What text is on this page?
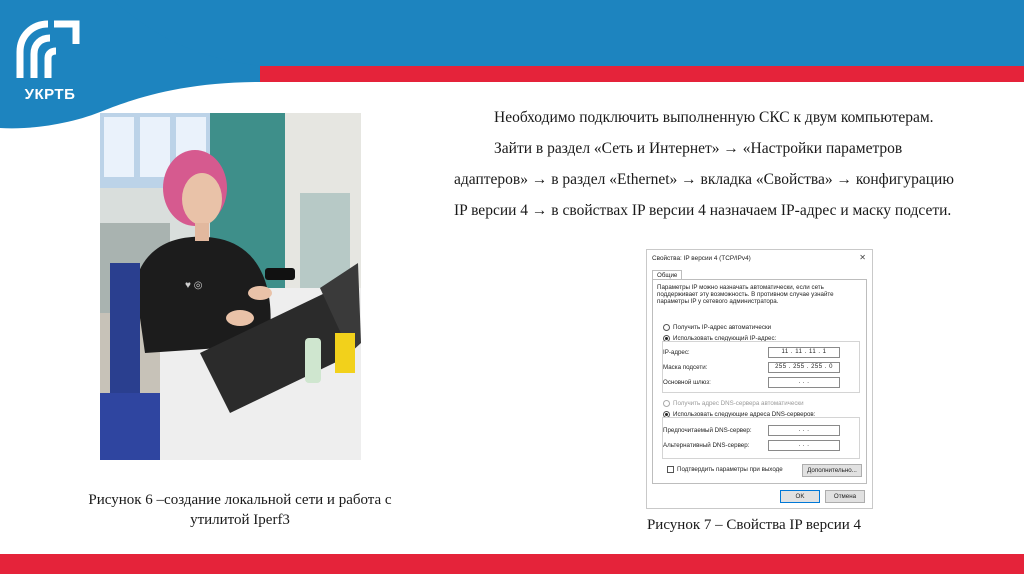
УКРТБ
♥ ◎
Рисунок 6 –создание локальной сети и работа с утилитой Iperf3

Необходимо подключить выполненную СКС к двум компьютерам.

Зайти в раздел «Сеть и Интернет» → «Настройки параметров адаптеров» → в раздел «Ethernet» → вкладка «Свойства» → конфигурацию IP версии 4 → в свойствах IP версии 4 назначаем IP-адрес и маску подсети.

Свойства: IP версии 4 (TCP/IPv4)	✕
Общие
Параметры IP можно назначать автоматически, если сеть поддерживает эту возможность. В противном случае узнайте параметры IP у сетевого администратора.
Получить IP-адрес автоматически
Использовать следующий IP-адрес:
IP-адрес:	11 . 11 . 11 . 1
Маска подсети:	255 . 255 . 255 . 0
Основной шлюз:	. . .
Получить адрес DNS-сервера автоматически
Использовать следующие адреса DNS-серверов:
Предпочитаемый DNS-сервер:	. . .
Альтернативный DNS-сервер:	. . .
Подтвердить параметры при выходе	Дополнительно...
OK	Отмена
Рисунок 7 – Свойства IP версии 4
